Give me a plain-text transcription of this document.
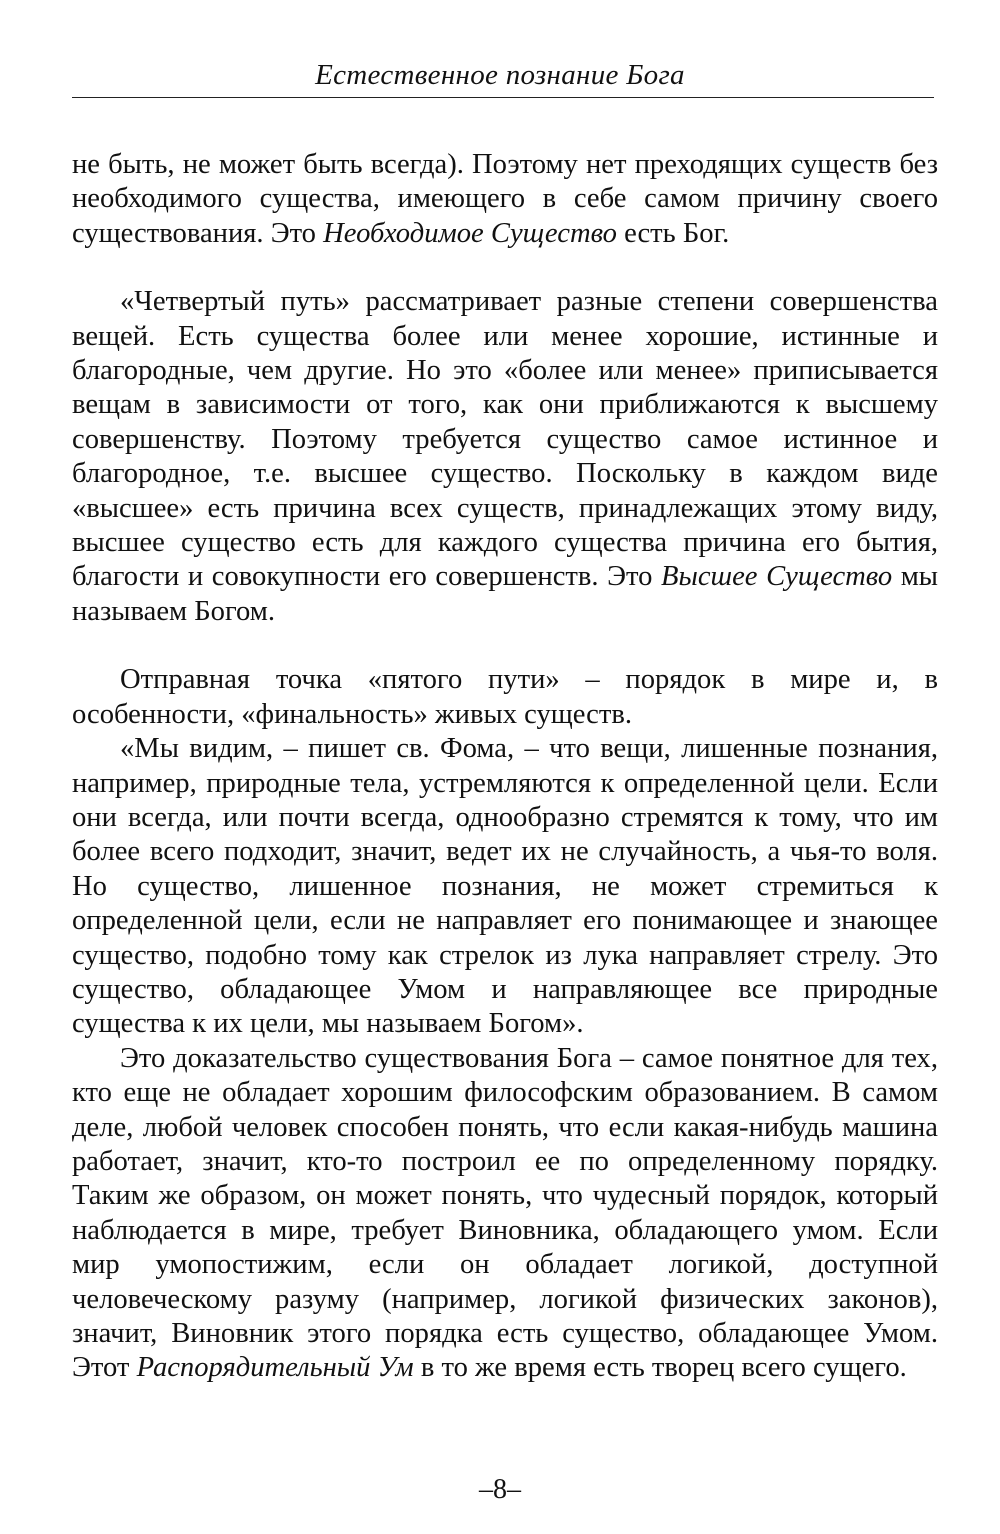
Естественное познание Бога

не быть, не может быть всегда). Поэтому нет преходящих существ без необходимого существа, имеющего в себе самом причину своего существования. Это Необходимое Существо есть Бог.

«Четвертый путь» рассматривает разные степени совершенства вещей. Есть существа более или менее хорошие, истинные и благородные, чем другие. Но это «более или менее» приписывается вещам в зависимости от того, как они приближаются к высшему совершенству. Поэтому требуется существо самое истинное и благородное, т.е. высшее существо. Поскольку в каждом виде «высшее» есть причина всех существ, принадлежащих этому виду, высшее существо есть для каждого существа причина его бытия, благости и совокупности его совершенств. Это Высшее Существо мы называем Богом.

Отправная точка «пятого пути» – порядок в мире и, в особенности, «финальность» живых существ.

«Мы видим, – пишет св. Фома, – что вещи, лишенные познания, например, природные тела, устремляются к определенной цели. Если они всегда, или почти всегда, однообразно стремятся к тому, что им более всего подходит, значит, ведет их не случайность, а чья-то воля. Но существо, лишенное познания, не может стремиться к определенной цели, если не направляет его понимающее и знающее существо, подобно тому как стрелок из лука направляет стрелу. Это существо, обладающее Умом и направляющее все природные существа к их цели, мы называем Богом».

Это доказательство существования Бога – самое понятное для тех, кто еще не обладает хорошим философским образованием. В самом деле, любой человек способен понять, что если какая-нибудь машина работает, значит, кто-то построил ее по определенному порядку. Таким же образом, он может понять, что чудесный порядок, который наблюдается в мире, требует Виновника, обладающего умом. Если мир умопостижим, если он обладает логикой, доступной человеческому разуму (например, логикой физических законов), значит, Виновник этого порядка есть существо, обладающее Умом. Этот Распорядительный Ум в то же время есть творец всего сущего.

–8–
